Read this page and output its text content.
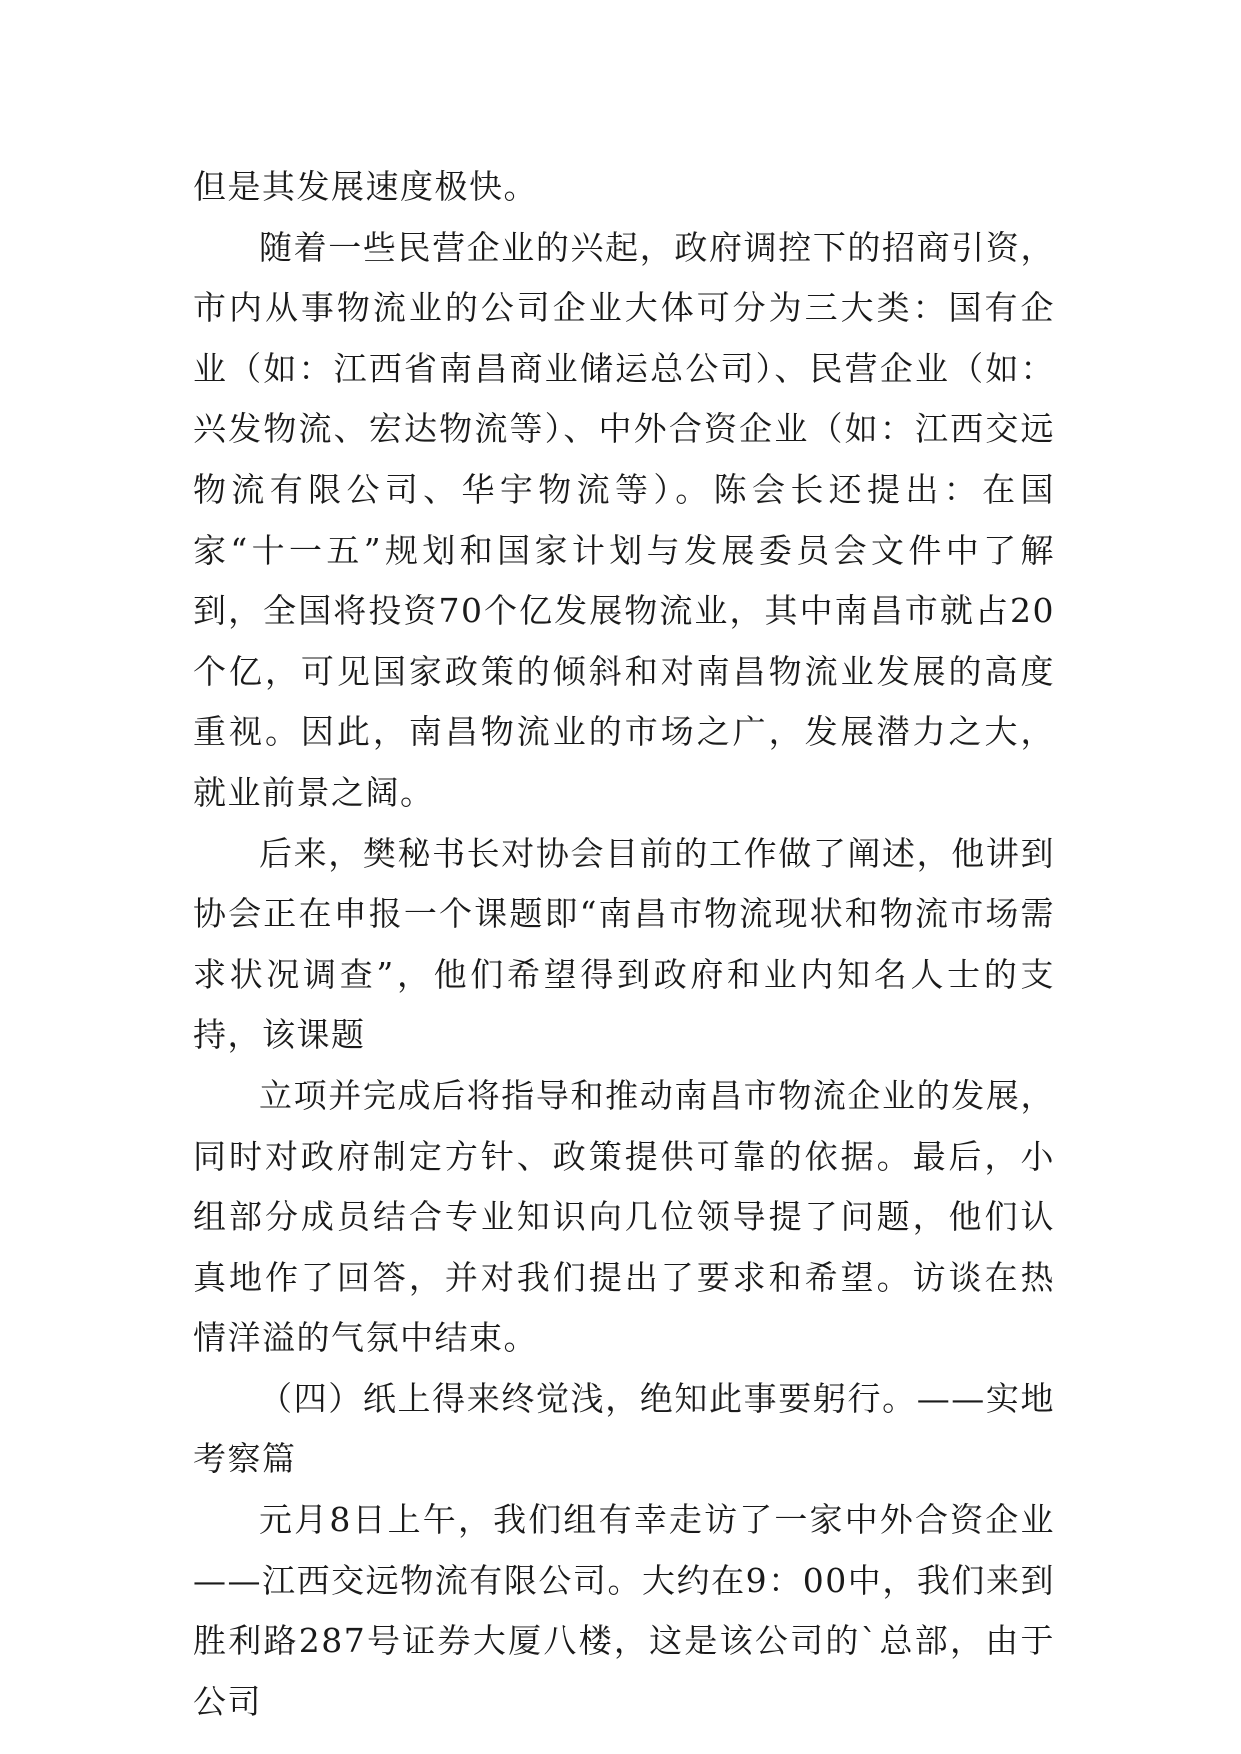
但是其发展速度极快。

随着一些民营企业的兴起，政府调控下的招商引资，市内从事物流业的公司企业大体可分为三大类：国有企业（如：江西省南昌商业储运总公司）、民营企业（如：兴发物流、宏达物流等）、中外合资企业（如：江西交远物流有限公司、华宇物流等）。陈会长还提出：在国家“十一五”规划和国家计划与发展委员会文件中了解到，全国将投资70个亿发展物流业，其中南昌市就占20个亿，可见国家政策的倾斜和对南昌物流业发展的高度重视。因此，南昌物流业的市场之广，发展潜力之大，就业前景之阔。

后来，樊秘书长对协会目前的工作做了阐述，他讲到协会正在申报一个课题即“南昌市物流现状和物流市场需求状况调查”，他们希望得到政府和业内知名人士的支持，该课题

立项并完成后将指导和推动南昌市物流企业的发展，同时对政府制定方针、政策提供可靠的依据。最后，小组部分成员结合专业知识向几位领导提了问题，他们认真地作了回答，并对我们提出了要求和希望。访谈在热情洋溢的气氛中结束。

（四）纸上得来终觉浅，绝知此事要躬行。——实地考察篇

元月8日上午，我们组有幸走访了一家中外合资企业——江西交远物流有限公司。大约在9：00中，我们来到胜利路287号证券大厦八楼，这是该公司的`总部，由于公司
